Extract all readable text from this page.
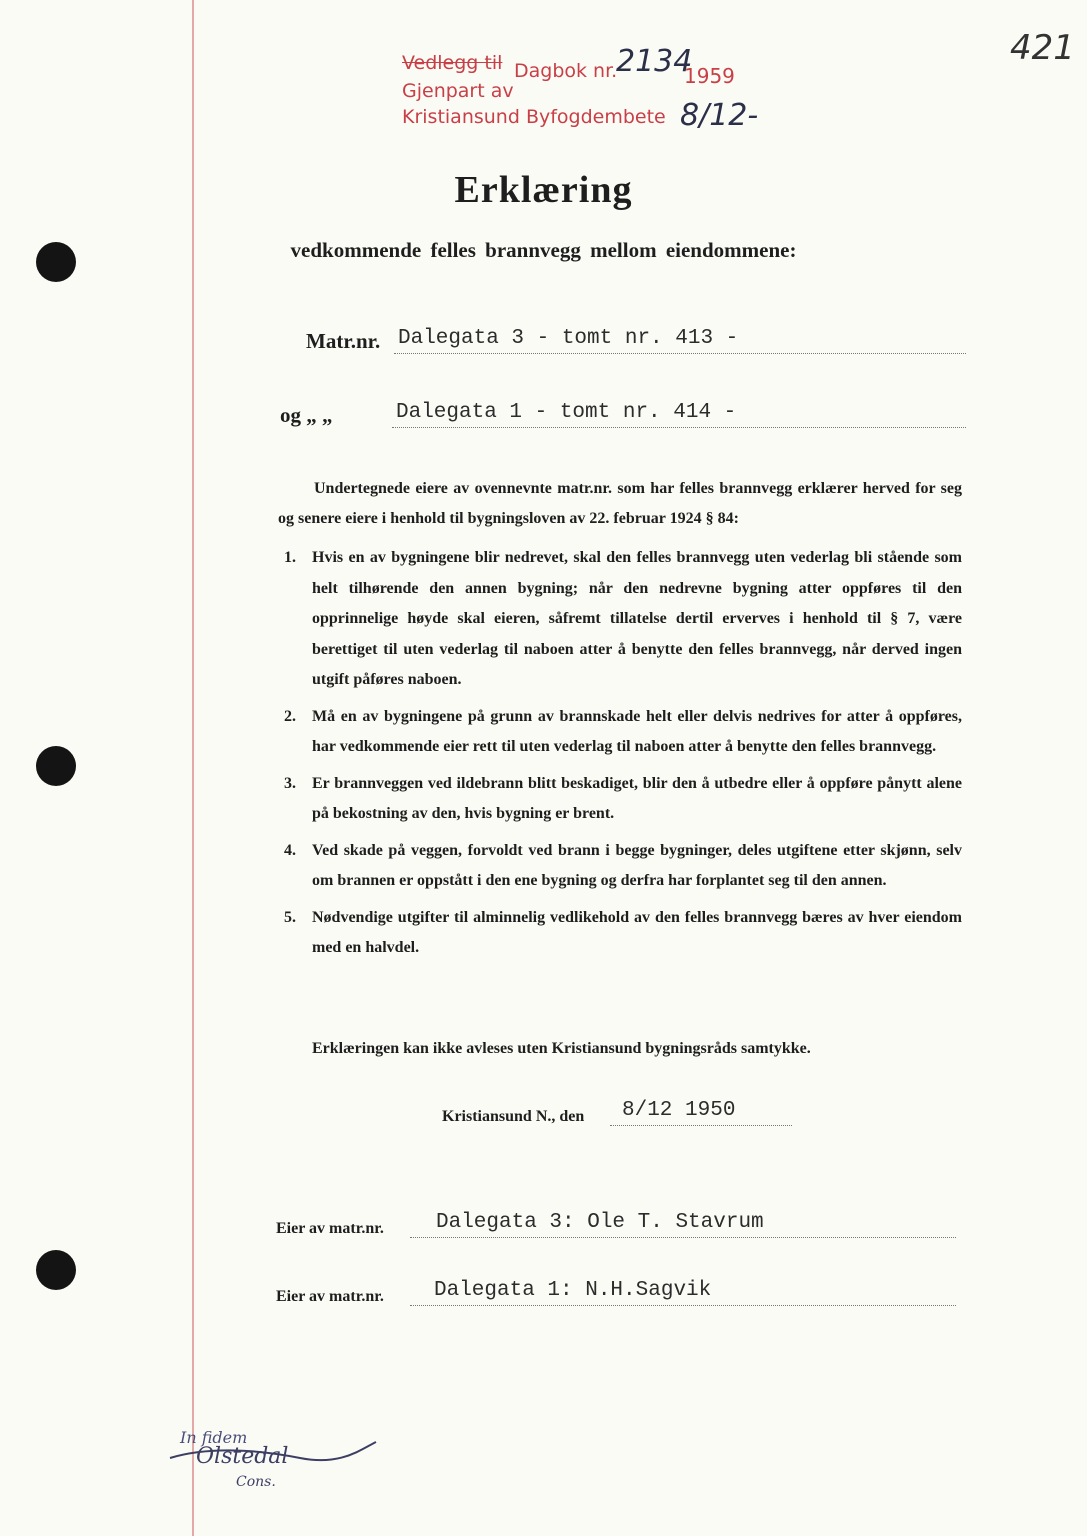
421
Vedlegg til Dagbok nr.
2134
1959
Gjenpart av
Kristiansund Byfogdembete 8/12-
Erklæring
vedkommende felles brannvegg mellom eiendommene:
Matr.nr. Dalegata 3 - tomt nr. 413 -
og „ „	Dalegata 1 - tomt nr. 414 -

Undertegnede eiere av ovennevnte matr.nr. som har felles brannvegg erklærer herved for seg og senere eiere i henhold til bygningsloven av 22. februar 1924 § 84:

1.	Hvis en av bygningene blir nedrevet, skal den felles brannvegg uten vederlag bli stående som helt tilhørende den annen bygning; når den nedrevne bygning atter oppføres til den opprinnelige høyde skal eieren, såfremt tillatelse dertil erverves i henhold til § 7, være berettiget til uten vederlag til naboen atter å benytte den felles brannvegg, når derved ingen utgift påføres naboen.
2.	Må en av bygningene på grunn av brannskade helt eller delvis nedrives for atter å oppføres, har vedkommende eier rett til uten vederlag til naboen atter å benytte den felles brannvegg.
3.	Er brannveggen ved ildebrann blitt beskadiget, blir den å utbedre eller å oppføre pånytt alene på bekostning av den, hvis bygning er brent.
4.	Ved skade på veggen, forvoldt ved brann i begge bygninger, deles utgiftene etter skjønn, selv om brannen er oppstått i den ene bygning og derfra har forplantet seg til den annen.
5.	Nødvendige utgifter til alminnelig vedlikehold av den felles brannvegg bæres av hver eiendom med en halvdel.
Erklæringen kan ikke avleses uten Kristiansund bygningsråds samtykke.
Kristiansund N., den 8/12 1950
Eier av matr.nr. Dalegata 3: Ole T. Stavrum
Eier av matr.nr. Dalegata 1: N.H.Sagvik
In fidem
Olstedal
Cons.
